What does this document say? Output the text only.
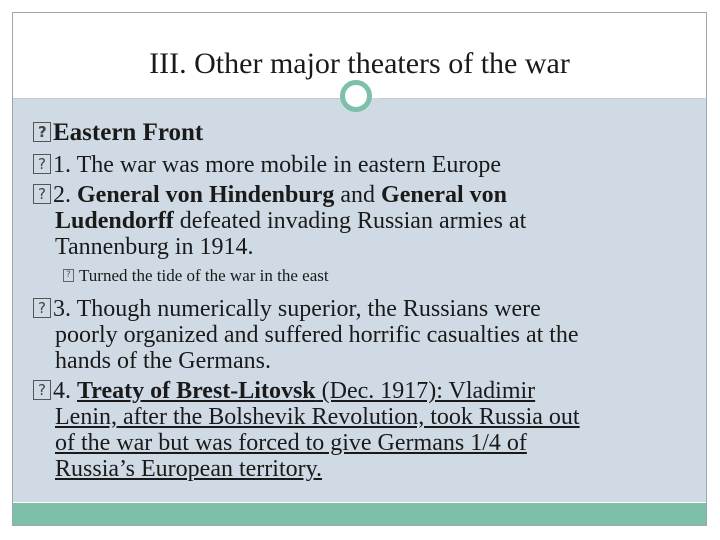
III. Other major theaters of the war
?Eastern Front
?1. The war was more mobile in eastern Europe
?2. General von Hindenburg and General von
Ludendorff defeated invading Russian armies at
Tannenburg in 1914.
?Turned the tide of the war in the east
?3. Though numerically superior, the Russians were
poorly organized and suffered horrific casualties at the
hands of the Germans.
?4. Treaty of Brest-Litovsk (Dec. 1917): Vladimir
Lenin, after the Bolshevik Revolution, took Russia out
of the war but was forced to give Germans 1/4 of
Russia’s European territory.
